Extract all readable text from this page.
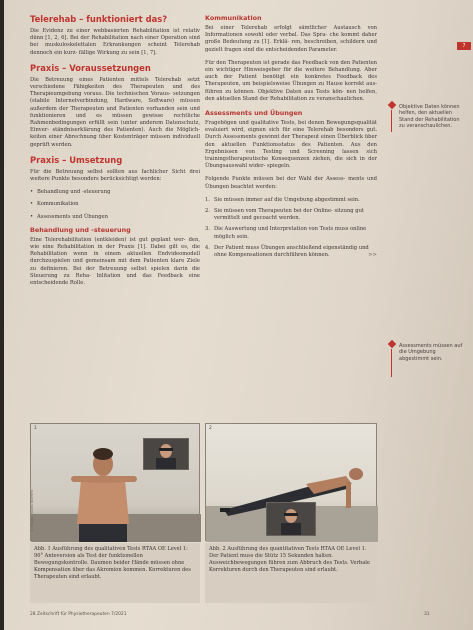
7
Telereha​b – funktioniert das?

Die Evidenz zu einer webbasierten Rehabilitation ist relativ dünn [1, 2, 6]. Bei der Rehabilitation nach einer Operation sind bei muskuloskelettalen Erkrankungen scheint Telerehab dennoch ein kurz- fällige Wirkung zu sein [1, 7].

Praxis – Voraussetzungen

Die Betreuung eines Patienten mittels Telerehab setzt verschiedene Fähigkeiten des Therapeuten und des Therapieumgebung voraus. Die technischen Voraus- setzungen (stabile Internetverbindung, Hardware, Software) müssen außerdem der Therapeuten und Patienten vorhanden sein und funktionieren und es müssen gewisse rechtliche Rahmenbedingungen erfüllt sein (unter anderem Datenschutz, Einver- ständniserklärung des Patienten). Auch die Möglich- keiten einer Abrechnung über Kostenträger müssen individuell geprüft werden.

Praxis – Umsetzung

Für die Betreuung selbst sollten aus fachlicher Sicht drei weitere Punkte besonders berücksichtigt werden:

• Behandlung und -steuerung
• Kommunikation
• Assessments und Übungen
Behandlung und -steuerung

Eine Telerehabilitation (entkleiden) ist gut geplant wer- den, wie eine Rehabilitation in der Praxis [1]. Dabei gilt es, die Rehabilitation wenn in einem aktuellen Endvideomodell durchzuspielen und gemeinsam mit dem Patienten klare Ziele zu definieren. Bei der Betreuung selbst spielen darin die Steuerung zu Reha- bilitation und das Feedback eine entscheidende Rolle.

Kommunikation

Bei einer Telerehab erfolgt sämtlicher Austausch von Informationen sowohl oder verbal. Das Spra- che kommt daher große Bedeutung zu [1]. Erklä- ren, beschreiben, schildern und gezielt fragen sind die entscheidenden Parameter.

Für den Therapeuten ist gerade das Feedback von den Patienten ein wichtiger Hinweisgeber für die weitere Behandlung. Aber auch der Patient benötigt ein konkretes Feedback des Therapeuten, um beispielsweise Übungen zu Hause korrekt aus- führen zu können. Objektive Daten aus Tests kön- nen helfen, den aktuellen Stand der Rehabilitation zu veranschaulichen.

Assessments und Übungen

Fragebögen und qualitative Tests, bei denen Bewegungsqualität evaluiert wird, eignen sich für eine Telerehab besonders gut. Durch Assessments gewinnt der Therapeut einen Überblick über den aktuellen Funktionsstatus des Patienten. Aus den Ergebnissen von Testing und Screening lassen sich trainingstherapeutische Konsequenzen ziehen, die sich in der Übungsauswahl wider- spiegeln.

Folgende Punkte müssen bei der Wahl der Assess- ments und Übungen beachtet werden:

1. Sie müssen immer auf die Umgebung abgestimmt sein.
2. Sie müssen vom Therapeuten bei der Online- sitzung gut vermittelt und gecoacht werden.
3. Die Auswertung und Interpretation von Tests muss online möglich sein.
4. Der Patient muss Übungen anschließend eigenständig und ohne Kompensationen durchführen können.	>>
Objektive Daten können helfen, den aktuellen Stand der Rehabilitation zu veranschaulichen.
Assessments müssen auf die Umgebung abgestimmt sein.
1
© Fotos: lukas boehm
2
Abb. 1 Ausführung des qualitativen Tests RTAA OE Level 1: 90° Anteversion als Test der funktionellen Bewegungskontrolle. Daumen beider Hände müssen ohne Kompensation über das Akromion kommen. Korrekturen des Therapeuten sind erlaubt.
Abb. 2 Ausführung des quantitativen Tests RTAA OE Level 1. Der Patient muss die Stütz 15 Sekunden halten. Ausweichbewegungen führen zum Abbruch des Tests. Verbale Korrekturen durch den Therapeuten sind erlaubt.
28 Zeitschrift für Physiotherapeuten 7/2021	31
